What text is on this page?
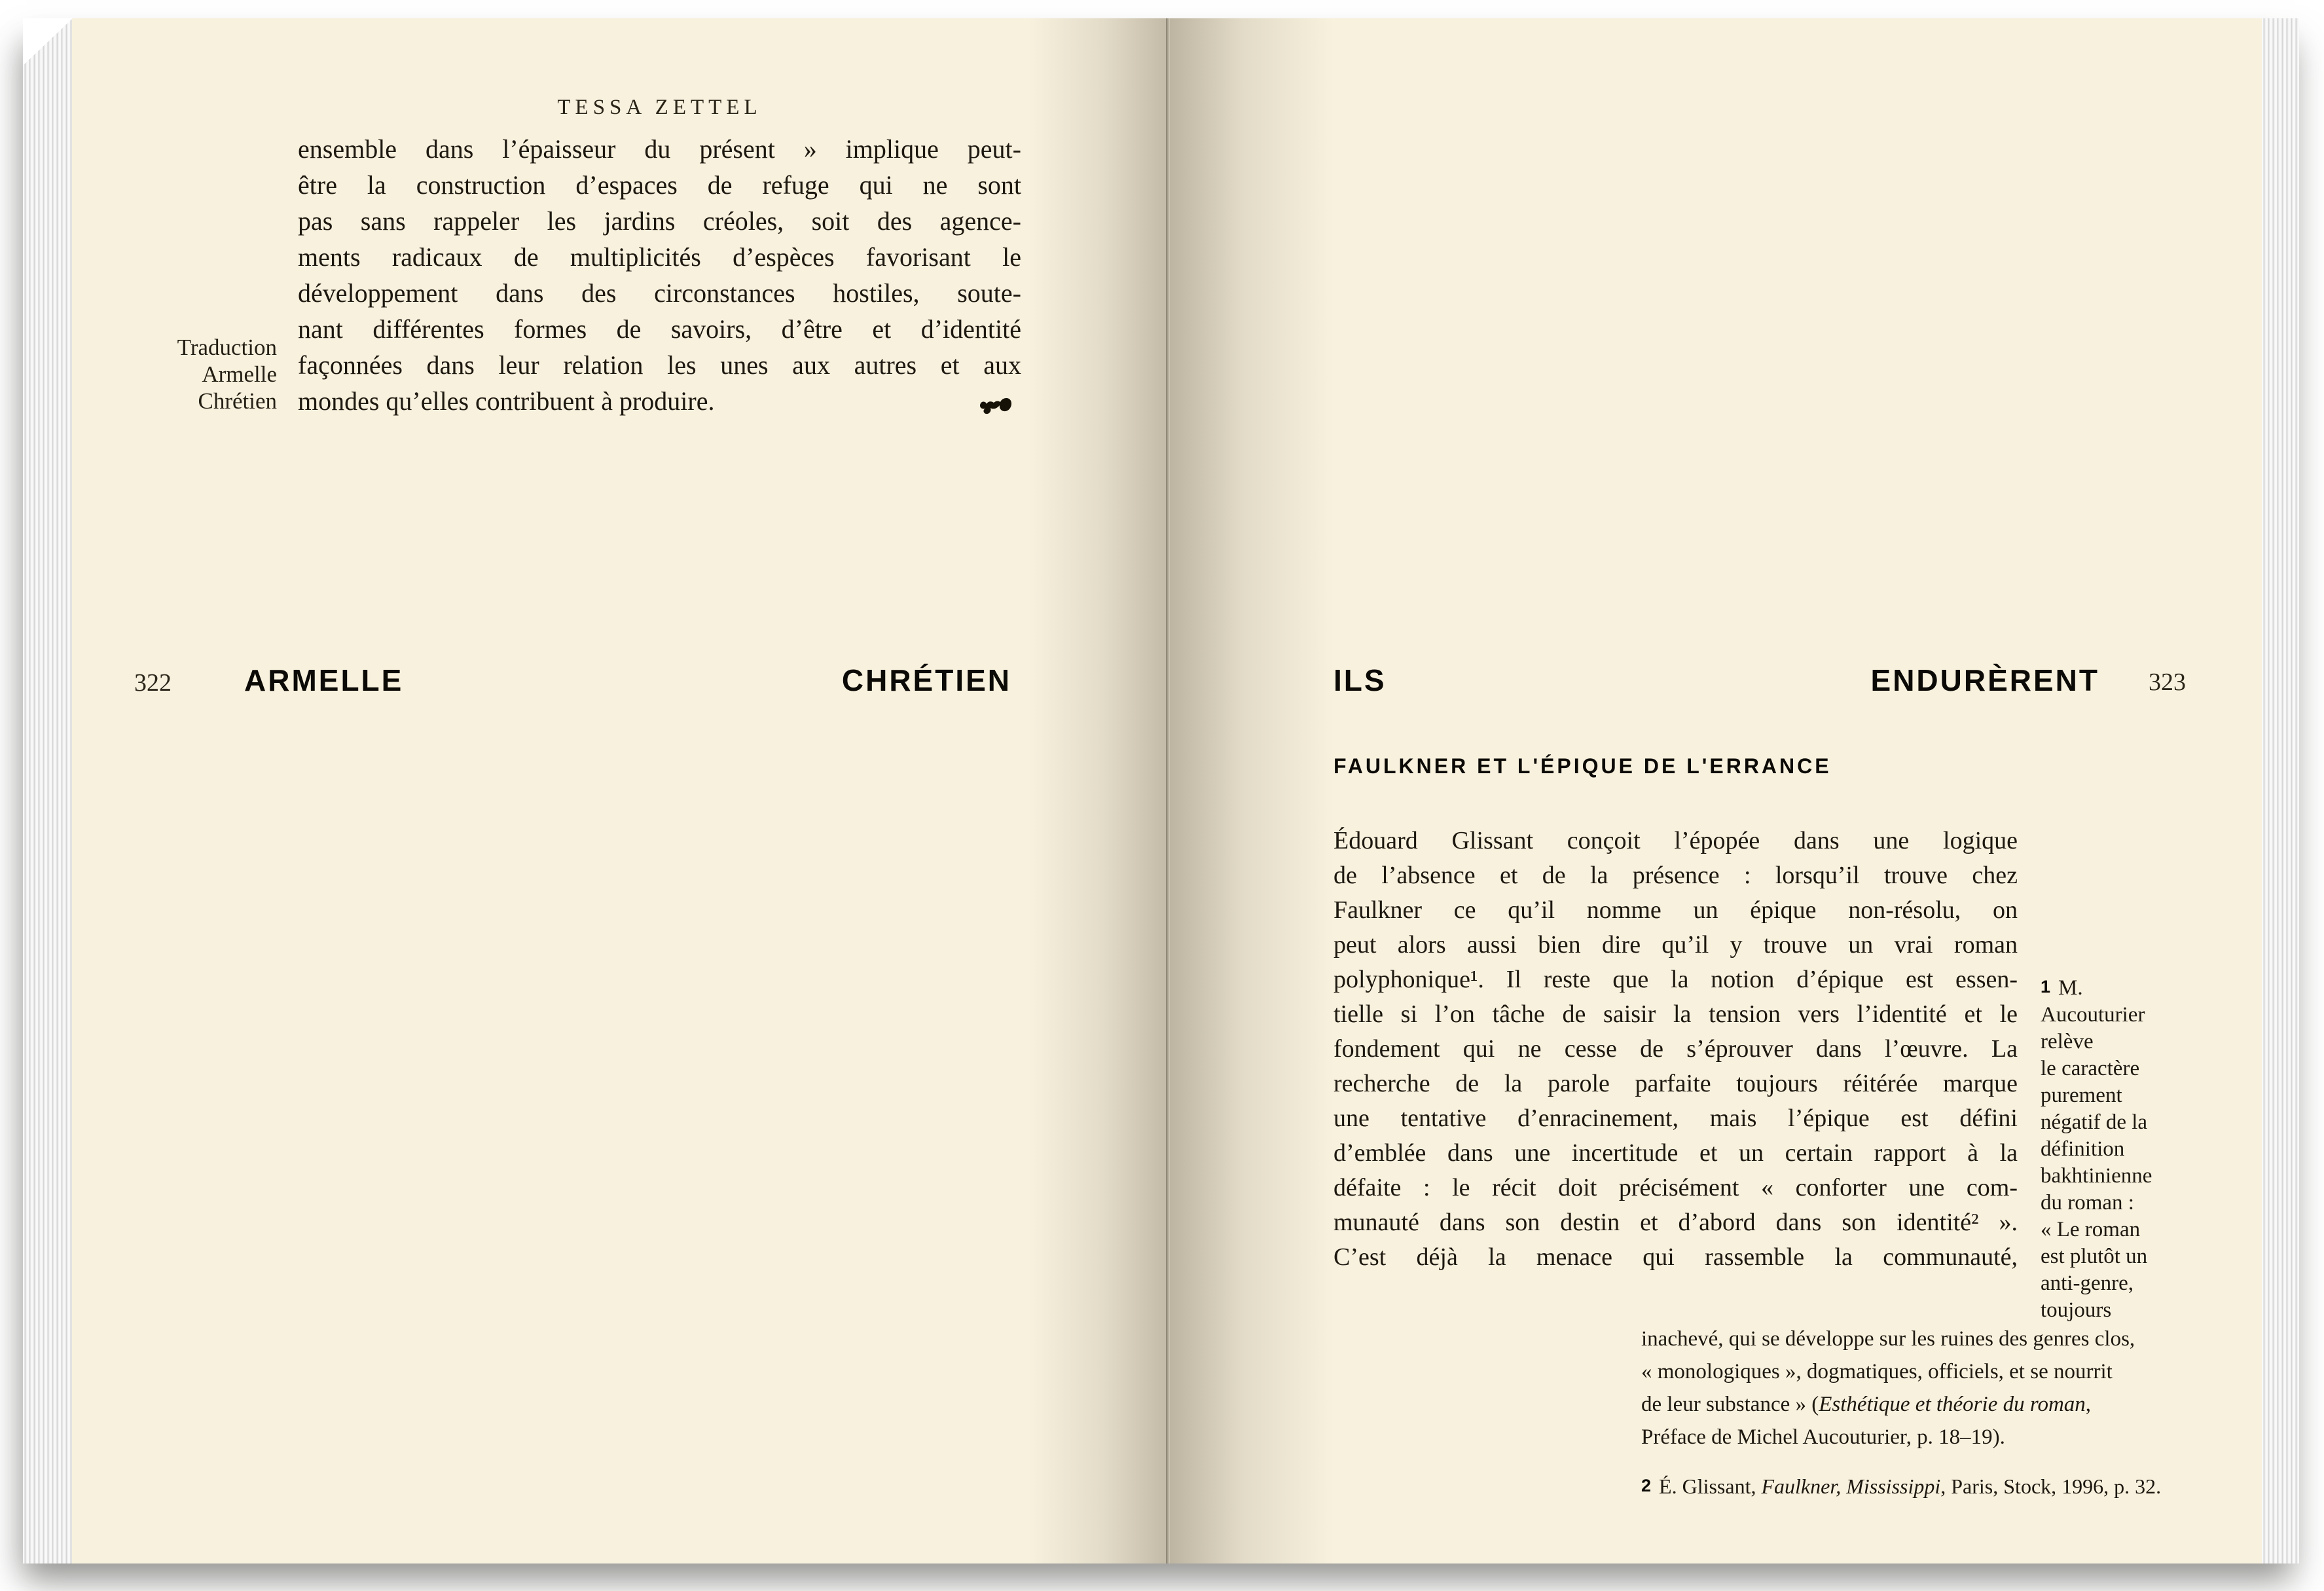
TESSA ZETTEL
ensemble dans l’épaisseur du présent » implique peut-
être la construction d’espaces de refuge qui ne sont
pas sans rappeler les jardins créoles, soit des agence-
ments radicaux de multiplicités d’espèces favorisant le
développement dans des circonstances hostiles, soute-
nant différentes formes de savoirs, d’être et d’identité
façonnées dans leur relation les unes aux autres et aux
mondes qu’elles contribuent à produire.
Traduction
Armelle
Chrétien
322	ARMELLE	CHRÉTIEN	ILS	ENDURÈRENT 323
FAULKNER ET L'ÉPIQUE DE L'ERRANCE
Édouard Glissant conçoit l’épopée dans une logique
de l’absence et de la présence : lorsqu’il trouve chez
Faulkner ce qu’il nomme un épique non-résolu, on
peut alors aussi bien dire qu’il y trouve un vrai roman
polyphonique¹. Il reste que la notion d’épique est essen-
tielle si l’on tâche de saisir la tension vers l’identité et le
fondement qui ne cesse de s’éprouver dans l’œuvre. La
recherche de la parole parfaite toujours réitérée marque
une tentative d’enracinement, mais l’épique est défini
d’emblée dans une incertitude et un certain rapport à la
défaite : le récit doit précisément « conforter une com-
munauté dans son destin et d’abord dans son identité² ».
C’est déjà la menace qui rassemble la communauté,
1 M.
Aucouturier
relève
le caractère
purement
négatif de la
définition
bakhtinienne
du roman :
« Le roman
est plutôt un
anti-genre,
toujours
inachevé, qui se développe sur les ruines des genres clos,
« monologiques », dogmatiques, officiels, et se nourrit
de leur substance » (Esthétique et théorie du roman,
Préface de Michel Aucouturier, p. 18–19).
2 É. Glissant, Faulkner, Mississippi, Paris, Stock, 1996, p. 32.
